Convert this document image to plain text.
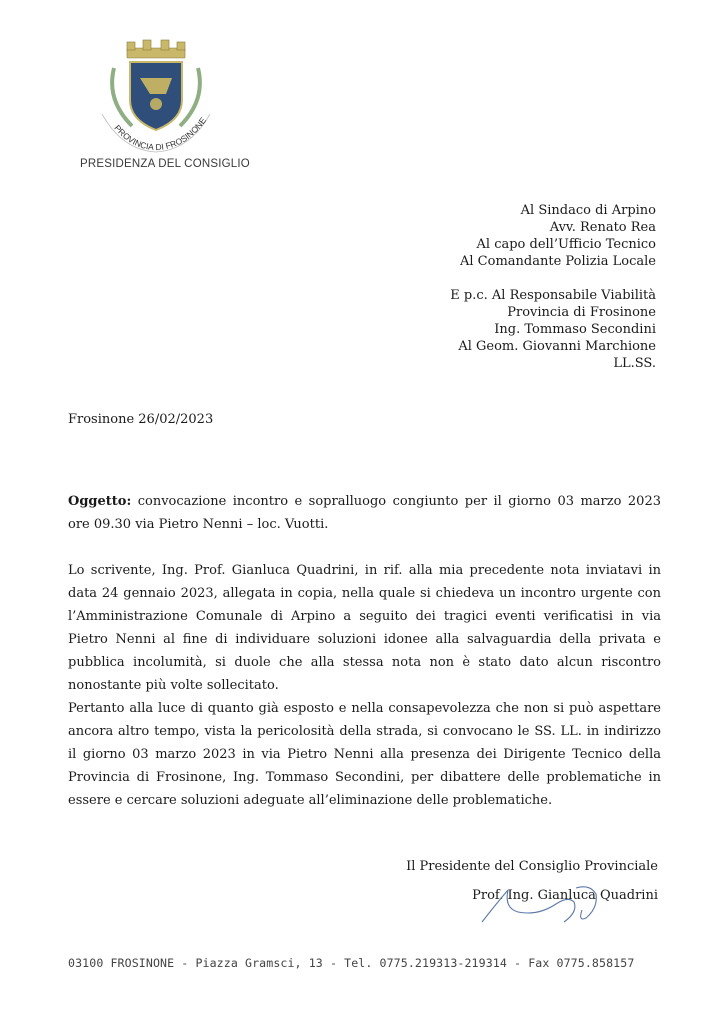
PROVINCIA DI FROSINONE
PRESIDENZA DEL CONSIGLIO
Al Sindaco di Arpino
Avv. Renato Rea
Al capo dell’Ufficio Tecnico
Al Comandante Polizia Locale
E p.c. Al Responsabile Viabilità
Provincia di Frosinone
Ing. Tommaso Secondini
Al Geom. Giovanni Marchione
LL.SS.
Frosinone 26/02/2023

Oggetto: convocazione incontro e sopralluogo congiunto per il giorno 03 marzo 2023 ore 09.30 via Pietro Nenni – loc. Vuotti.

Lo scrivente, Ing. Prof. Gianluca Quadrini, in rif. alla mia precedente nota inviatavi in data 24 gennaio 2023, allegata in copia, nella quale si chiedeva un incontro urgente con l’Amministrazione Comunale di Arpino a seguito dei tragici eventi verificatisi in via Pietro Nenni al fine di individuare soluzioni idonee alla salvaguardia della privata e pubblica incolumità, si duole che alla stessa nota non è stato dato alcun riscontro nonostante più volte sollecitato.

Pertanto alla luce di quanto già esposto e nella consapevolezza che non si può aspettare ancora altro tempo, vista la pericolosità della strada, si convocano le SS. LL. in indirizzo il giorno 03 marzo 2023 in via Pietro Nenni alla presenza dei Dirigente Tecnico della Provincia di Frosinone, Ing. Tommaso Secondini, per dibattere delle problematiche in essere e cercare soluzioni adeguate all’eliminazione delle problematiche.

Il Presidente del Consiglio Provinciale
Prof. Ing. Gianluca Quadrini
03100 FROSINONE - Piazza Gramsci, 13 - Tel. 0775.219313-219314 - Fax 0775.858157
